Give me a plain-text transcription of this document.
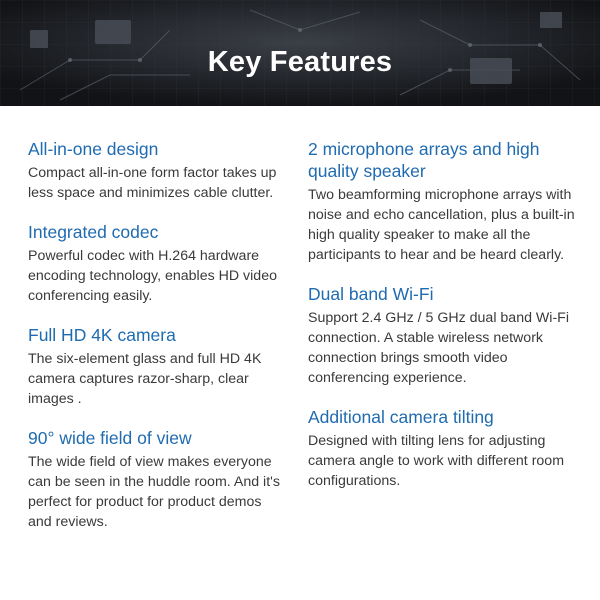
Key Features
All-in-one design

Compact all-in-one form factor takes up less space and minimizes cable clutter.

Integrated codec

Powerful codec with H.264 hardware encoding technology, enables HD video conferencing easily.

Full HD 4K camera

The six-element glass and full HD 4K camera captures razor-sharp, clear images .

90° wide field of view

The wide field of view makes everyone can be seen in the huddle room. And it's perfect for product for product demos and reviews.

2 microphone arrays and high quality speaker

Two beamforming microphone arrays with noise and echo cancellation, plus a built-in high quality speaker to make all the participants to hear and be heard clearly.

Dual band Wi-Fi

Support 2.4 GHz / 5 GHz dual band Wi-Fi connection. A stable wireless network connection brings smooth video conferencing experience.

Additional camera tilting

Designed with tilting lens for adjusting camera angle to work with different room configurations.
